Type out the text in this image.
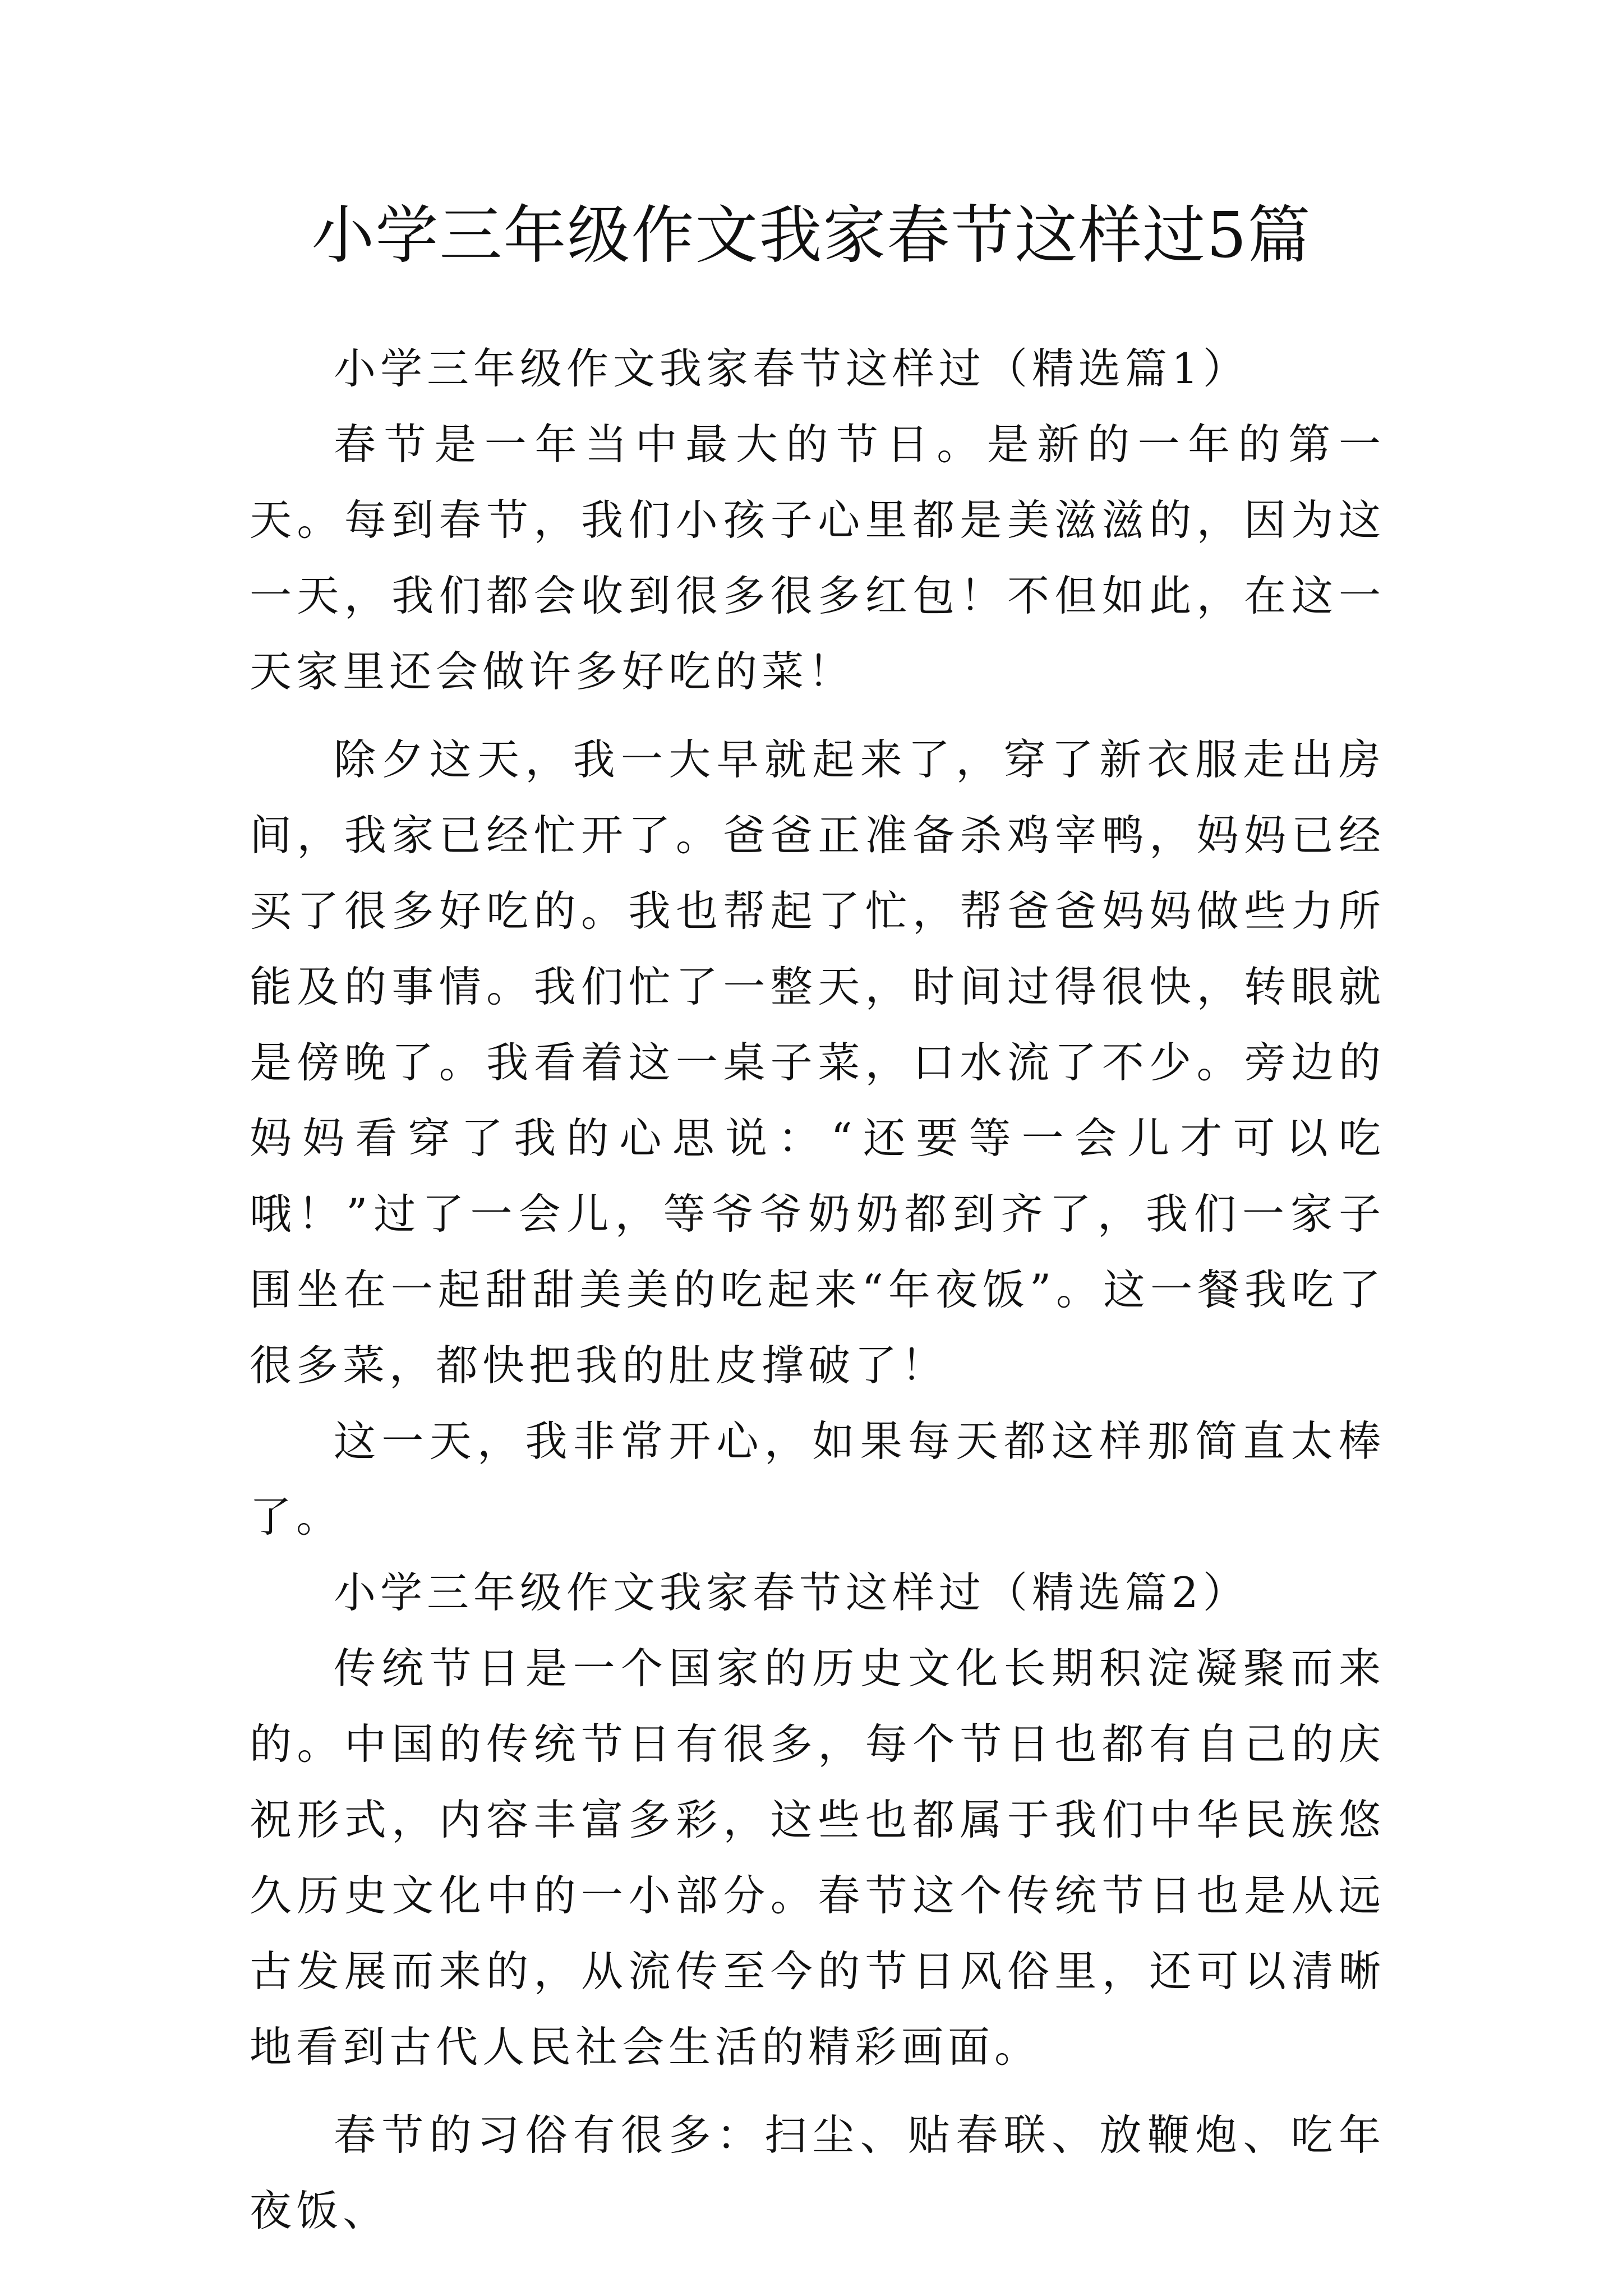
小学三年级作文我家春节这样过5篇

小学三年级作文我家春节这样过（精选篇1）

春节是一年当中最大的节日。是新的一年的第一天。每到春节，我们小孩子心里都是美滋滋的，因为这一天，我们都会收到很多很多红包！不但如此，在这一天家里还会做许多好吃的菜！

除夕这天，我一大早就起来了，穿了新衣服走出房间，我家已经忙开了。爸爸正准备杀鸡宰鸭，妈妈已经买了很多好吃的。我也帮起了忙，帮爸爸妈妈做些力所能及的事情。我们忙了一整天，时间过得很快，转眼就是傍晚了。我看着这一桌子菜，口水流了不少。旁边的妈妈看穿了我的心思说：“还要等一会儿才可以吃哦！”过了一会儿，等爷爷奶奶都到齐了，我们一家子围坐在一起甜甜美美的吃起来“年夜饭”。这一餐我吃了很多菜，都快把我的肚皮撑破了！

这一天，我非常开心，如果每天都这样那简直太棒了。

小学三年级作文我家春节这样过（精选篇2）

传统节日是一个国家的历史文化长期积淀凝聚而来的。中国的传统节日有很多，每个节日也都有自己的庆祝形式，内容丰富多彩，这些也都属于我们中华民族悠久历史文化中的一小部分。春节这个传统节日也是从远古发展而来的，从流传至今的节日风俗里，还可以清晰地看到古代人民社会生活的精彩画面。

春节的习俗有很多：扫尘、贴春联、放鞭炮、吃年夜饭、
